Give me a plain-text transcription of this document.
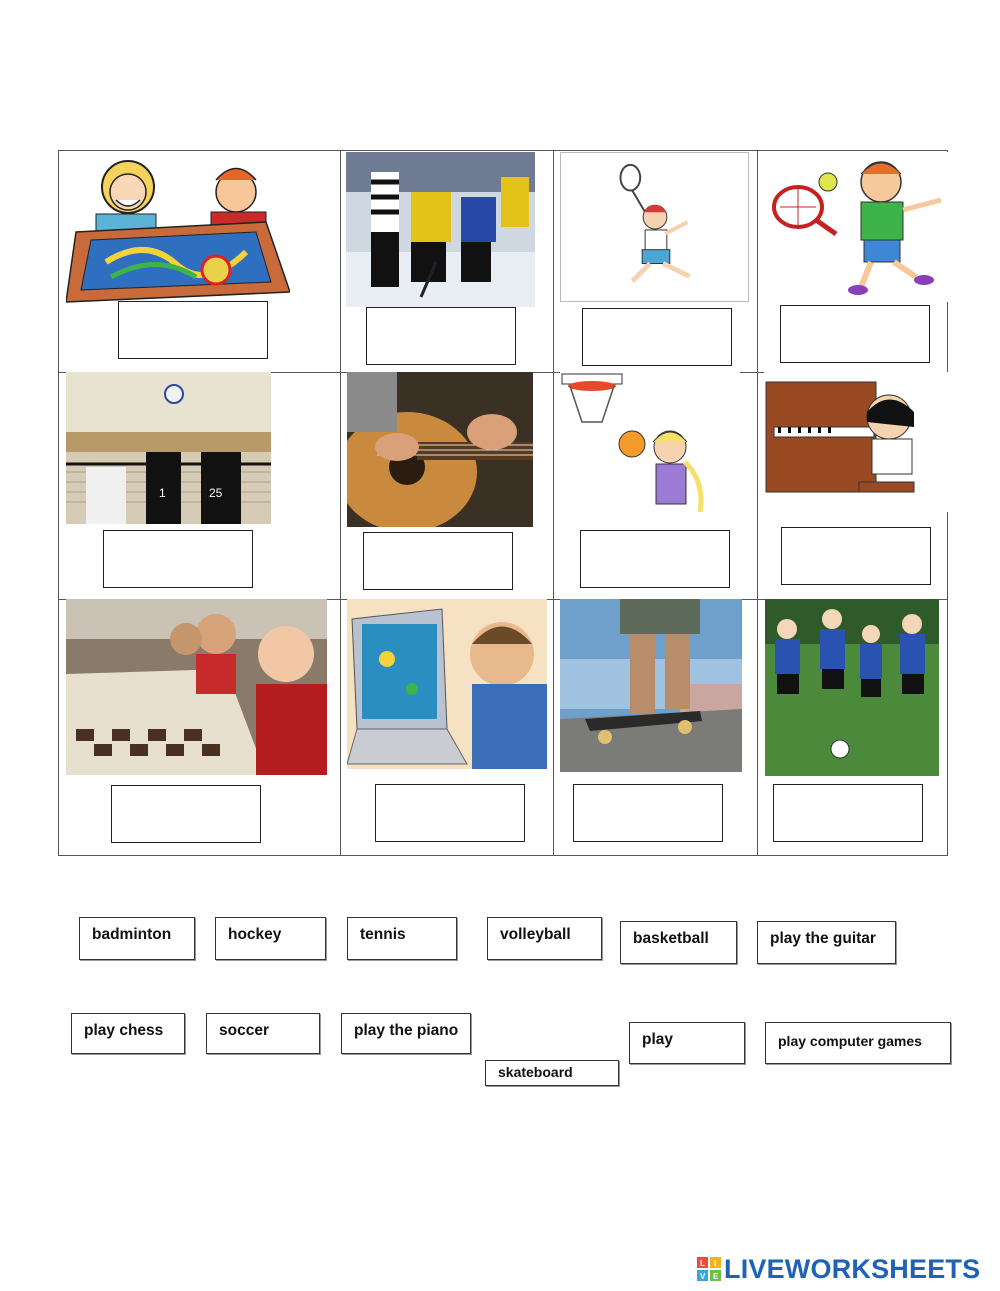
1	25
badminton	hockey	tennis	volleyball	basketball	play the guitar
play chess	soccer	play the piano
skateboard
play	play computer games
L I
V E LIVEWORKSHEETS
